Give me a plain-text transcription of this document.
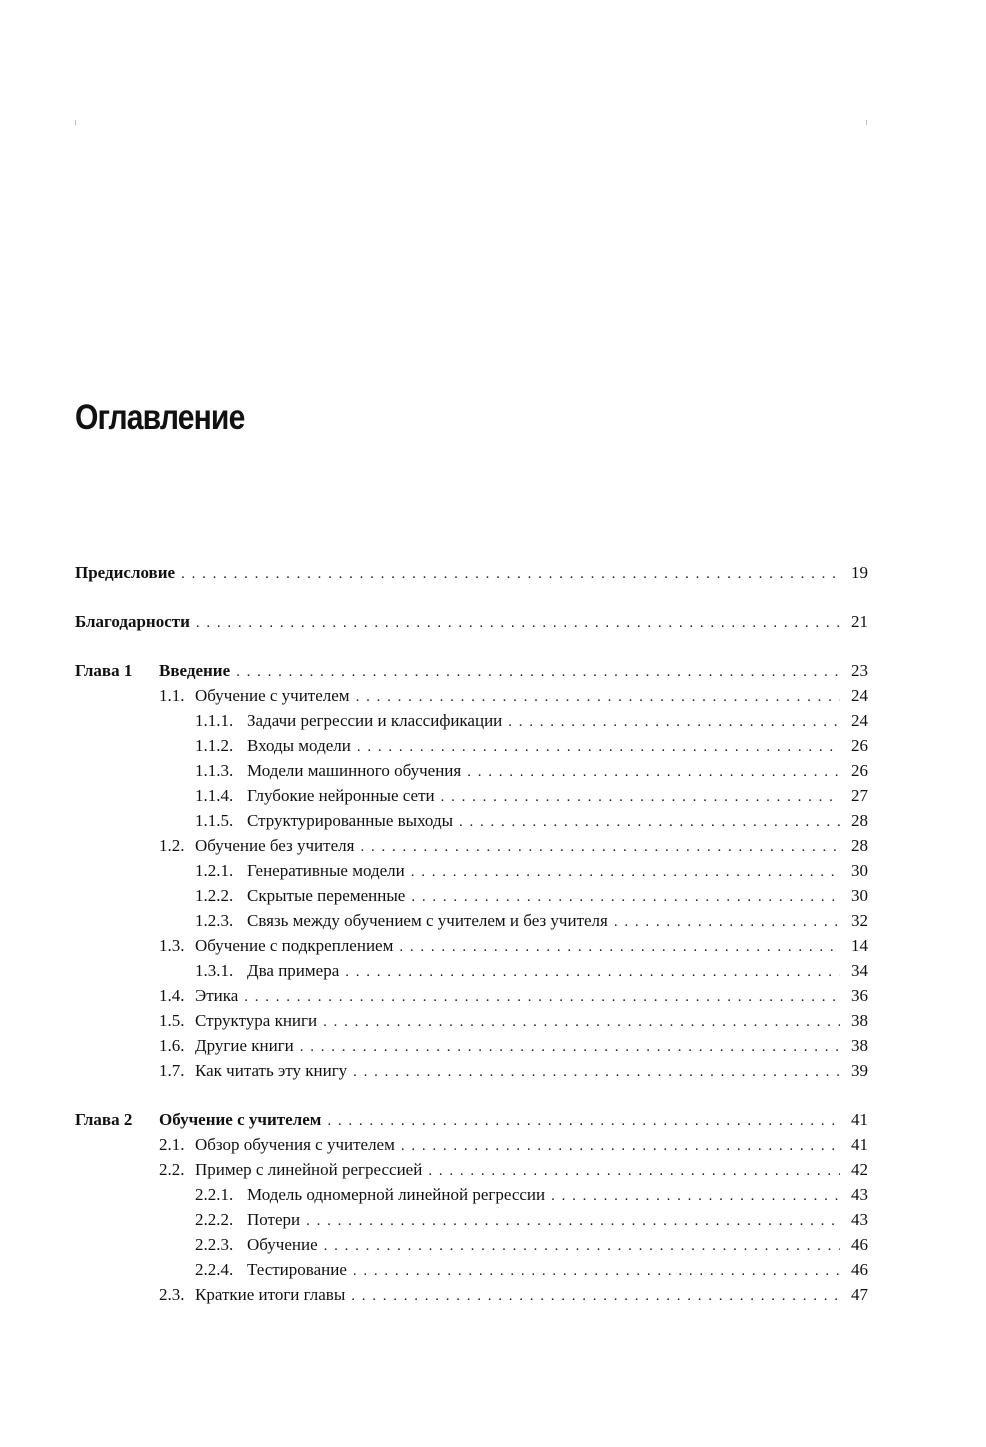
Оглавление
Предисловие . . .	19
Благодарности . . .	21
Глава 1	Введение . . .	23
1.1. Обучение с учителем . . .	24
1.1.1. Задачи регрессии и классификации . . .	24
1.1.2. Входы модели . . .	26
1.1.3. Модели машинного обучения . . .	26
1.1.4. Глубокие нейронные сети . . .	27
1.1.5. Структурированные выходы . . .	28
1.2. Обучение без учителя . . .	28
1.2.1. Генеративные модели . . .	30
1.2.2. Скрытые переменные . . .	30
1.2.3. Связь между обучением с учителем и без учителя . . .	32
1.3. Обучение с подкреплением . . .	14
1.3.1. Два примера . . .	34
1.4. Этика . . .	36
1.5. Структура книги . . .	38
1.6. Другие книги . . .	38
1.7. Как читать эту книгу . . .	39
Глава 2	Обучение с учителем . . .	41
2.1. Обзор обучения с учителем . . .	41
2.2. Пример с линейной регрессией . . .	42
2.2.1. Модель одномерной линейной регрессии . . .	43
2.2.2. Потери . . .	43
2.2.3. Обучение . . .	46
2.2.4. Тестирование . . .	46
2.3. Краткие итоги главы . . .	47
